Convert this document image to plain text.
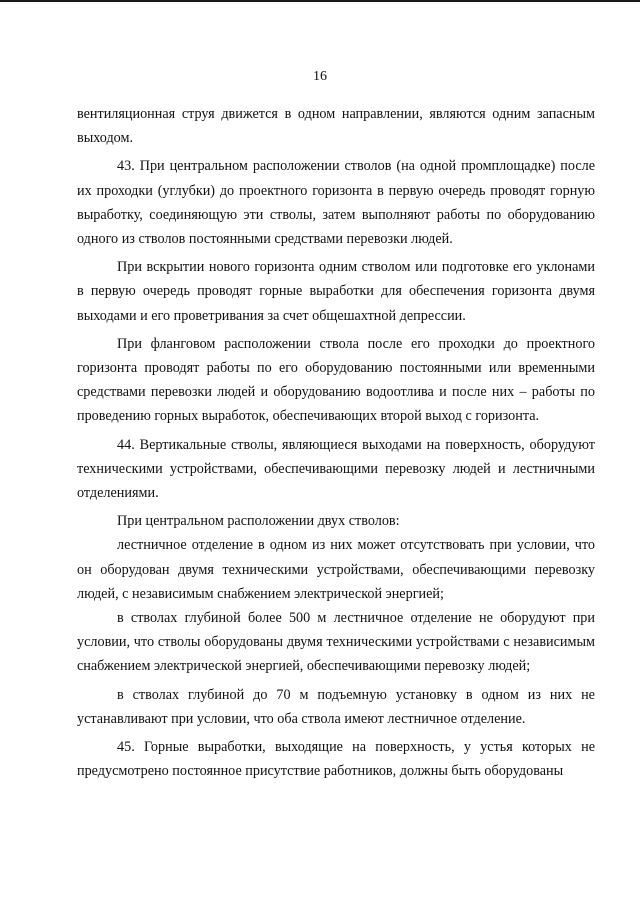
16

вентиляционная струя движется в одном направлении, являются одним запасным выходом.

43. При центральном расположении стволов (на одной промплощадке) после их проходки (углубки) до проектного горизонта в первую очередь проводят горную выработку, соединяющую эти стволы, затем выполняют работы по оборудованию одного из стволов постоянными средствами перевозки людей.

При вскрытии нового горизонта одним стволом или подготовке его уклонами в первую очередь проводят горные выработки для обеспечения горизонта двумя выходами и его проветривания за счет общешахтной депрессии.

При фланговом расположении ствола после его проходки до проектного горизонта проводят работы по его оборудованию постоянными или временными средствами перевозки людей и оборудованию водоотлива и после них – работы по проведению горных выработок, обеспечивающих второй выход с горизонта.

44. Вертикальные стволы, являющиеся выходами на поверхность, оборудуют техническими устройствами, обеспечивающими перевозку людей и лестничными отделениями.

При центральном расположении двух стволов:

лестничное отделение в одном из них может отсутствовать при условии, что он оборудован двумя техническими устройствами, обеспечивающими перевозку людей, с независимым снабжением электрической энергией;

в стволах глубиной более 500 м лестничное отделение не оборудуют при условии, что стволы оборудованы двумя техническими устройствами с независимым снабжением электрической энергией, обеспечивающими перевозку людей;

в стволах глубиной до 70 м подъемную установку в одном из них не устанавливают при условии, что оба ствола имеют лестничное отделение.

45. Горные выработки, выходящие на поверхность, у устья которых не предусмотрено постоянное присутствие работников, должны быть оборудованы
